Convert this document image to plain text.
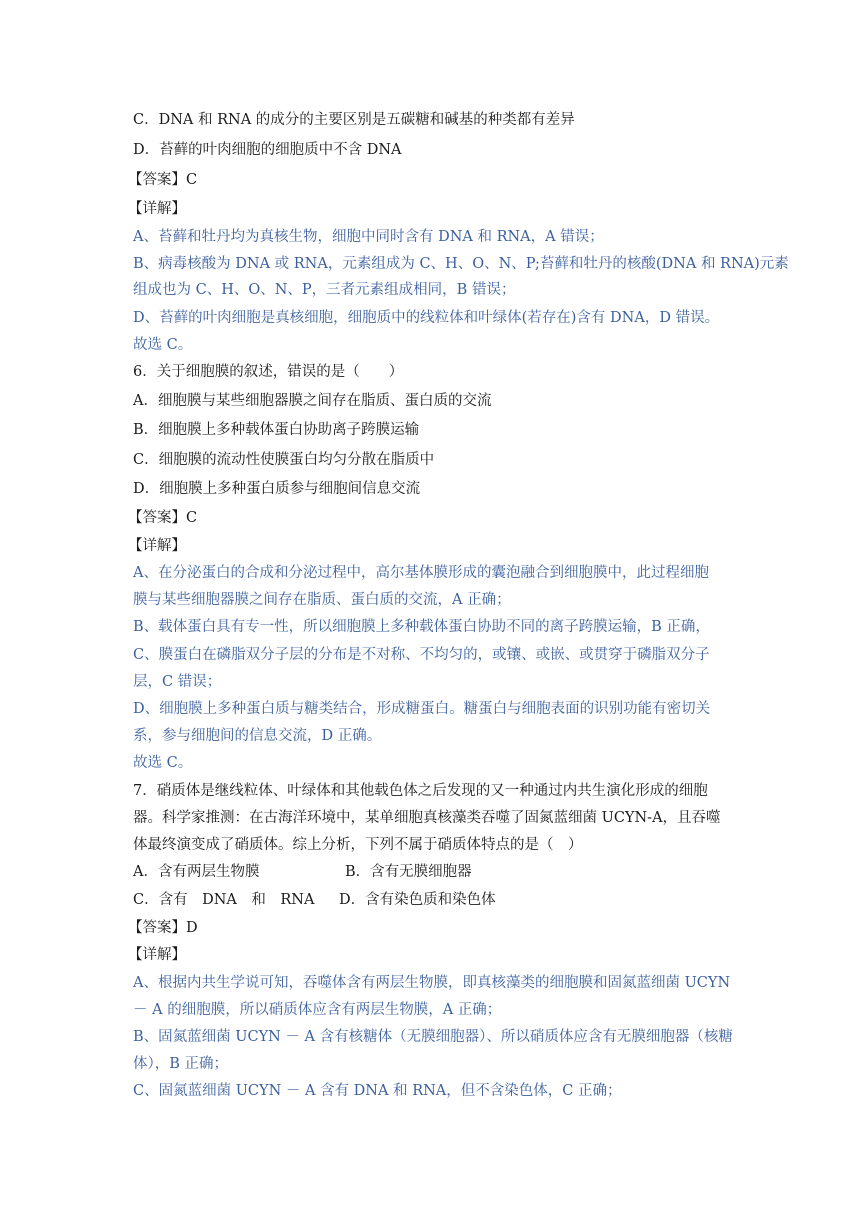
C．DNA 和 RNA 的成分的主要区别是五碳糖和碱基的种类都有差异
D．苔藓的叶肉细胞的细胞质中不含 DNA
【答案】C
【详解】
A、苔藓和牡丹均为真核生物，细胞中同时含有 DNA 和 RNA，A 错误；
B、病毒核酸为 DNA 或 RNA，元素组成为 C、H、O、N、P;苔藓和牡丹的核酸(DNA 和 RNA)元素
组成也为 C、H、O、N、P，三者元素组成相同，B 错误；
D、苔藓的叶肉细胞是真核细胞，细胞质中的线粒体和叶绿体(若存在)含有 DNA，D 错误。
故选 C。
6．关于细胞膜的叙述，错误的是（　　）
A．细胞膜与某些细胞器膜之间存在脂质、蛋白质的交流
B．细胞膜上多种载体蛋白协助离子跨膜运输
C．细胞膜的流动性使膜蛋白均匀分散在脂质中
D．细胞膜上多种蛋白质参与细胞间信息交流
【答案】C
【详解】
A、在分泌蛋白的合成和分泌过程中，高尔基体膜形成的囊泡融合到细胞膜中，此过程细胞
膜与某些细胞器膜之间存在脂质、蛋白质的交流，A 正确；
B、载体蛋白具有专一性，所以细胞膜上多种载体蛋白协助不同的离子跨膜运输，B 正确，
C、膜蛋白在磷脂双分子层的分布是不对称、不均匀的，或镶、或嵌、或贯穿于磷脂双分子
层，C 错误；
D、细胞膜上多种蛋白质与糖类结合，形成糖蛋白。糖蛋白与细胞表面的识别功能有密切关
系，参与细胞间的信息交流，D 正确。
故选 C。
7．硝质体是继线粒体、叶绿体和其他载色体之后发现的又一种通过内共生演化形成的细胞
器。科学家推测：在古海洋环境中，某单细胞真核藻类吞噬了固氮蓝细菌 UCYN-A，且吞噬
体最终演变成了硝质体。综上分析，下列不属于硝质体特点的是（　）
A．含有两层生物膜	B．含有无膜细胞器
C．含有　DNA　和　RNA D．含有染色质和染色体
【答案】D
【详解】
A、根据内共生学说可知，吞噬体含有两层生物膜，即真核藻类的细胞膜和固氮蓝细菌 UCYN
－ A 的细胞膜，所以硝质体应含有两层生物膜，A 正确；
B、固氮蓝细菌 UCYN － A 含有核糖体（无膜细胞器）、所以硝质体应含有无膜细胞器（核糖
体），B 正确；
C、固氮蓝细菌 UCYN － A 含有 DNA 和 RNA，但不含染色体，C 正确；
